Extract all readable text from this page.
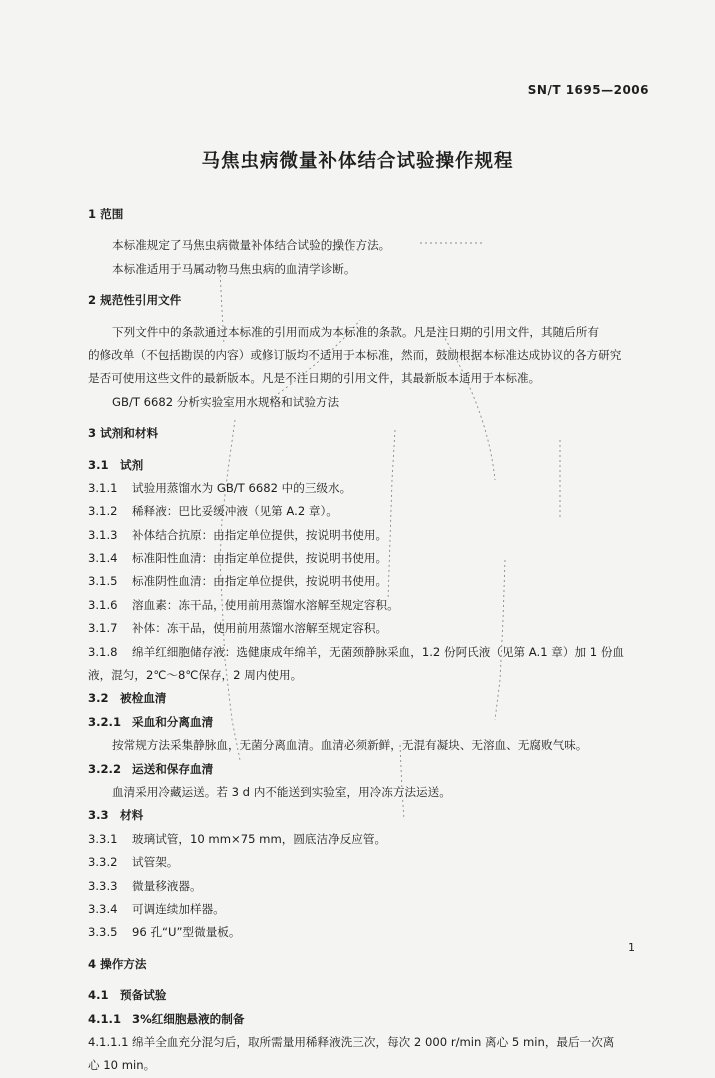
SN/T 1695—2006
马焦虫病微量补体结合试验操作规程
1 范围
本标准规定了马焦虫病微量补体结合试验的操作方法。
本标准适用于马属动物马焦虫病的血清学诊断。
2 规范性引用文件
下列文件中的条款通过本标准的引用而成为本标准的条款。凡是注日期的引用文件，其随后所有
的修改单（不包括勘误的内容）或修订版均不适用于本标准，然而，鼓励根据本标准达成协议的各方研究
是否可使用这些文件的最新版本。凡是不注日期的引用文件，其最新版本适用于本标准。
GB/T 6682 分析实验室用水规格和试验方法
3 试剂和材料
3.1 试剂
3.1.1 试验用蒸馏水为 GB/T 6682 中的三级水。
3.1.2 稀释液：巴比妥缓冲液（见第 A.2 章）。
3.1.3 补体结合抗原：由指定单位提供，按说明书使用。
3.1.4 标准阳性血清：由指定单位提供，按说明书使用。
3.1.5 标准阴性血清：由指定单位提供，按说明书使用。
3.1.6 溶血素：冻干品，使用前用蒸馏水溶解至规定容积。
3.1.7 补体：冻干品，使用前用蒸馏水溶解至规定容积。
3.1.8 绵羊红细胞储存液：选健康成年绵羊，无菌颈静脉采血，1.2 份阿氏液（见第 A.1 章）加 1 份血
液，混匀，2℃～8℃保存，2 周内使用。
3.2 被检血清
3.2.1 采血和分离血清
按常规方法采集静脉血，无菌分离血清。血清必须新鲜，无混有凝块、无溶血、无腐败气味。
3.2.2 运送和保存血清
血清采用冷藏运送。若 3 d 内不能送到实验室，用冷冻方法运送。
3.3 材料
3.3.1 玻璃试管，10 mm×75 mm，圆底洁净反应管。
3.3.2 试管架。
3.3.3 微量移液器。
3.3.4 可调连续加样器。
3.3.5 96 孔“U”型微量板。
4 操作方法
4.1 预备试验
4.1.1 3%红细胞悬液的制备
4.1.1.1 绵羊全血充分混匀后，取所需量用稀释液洗三次，每次 2 000 r/min 离心 5 min，最后一次离
心 10 min。
1
